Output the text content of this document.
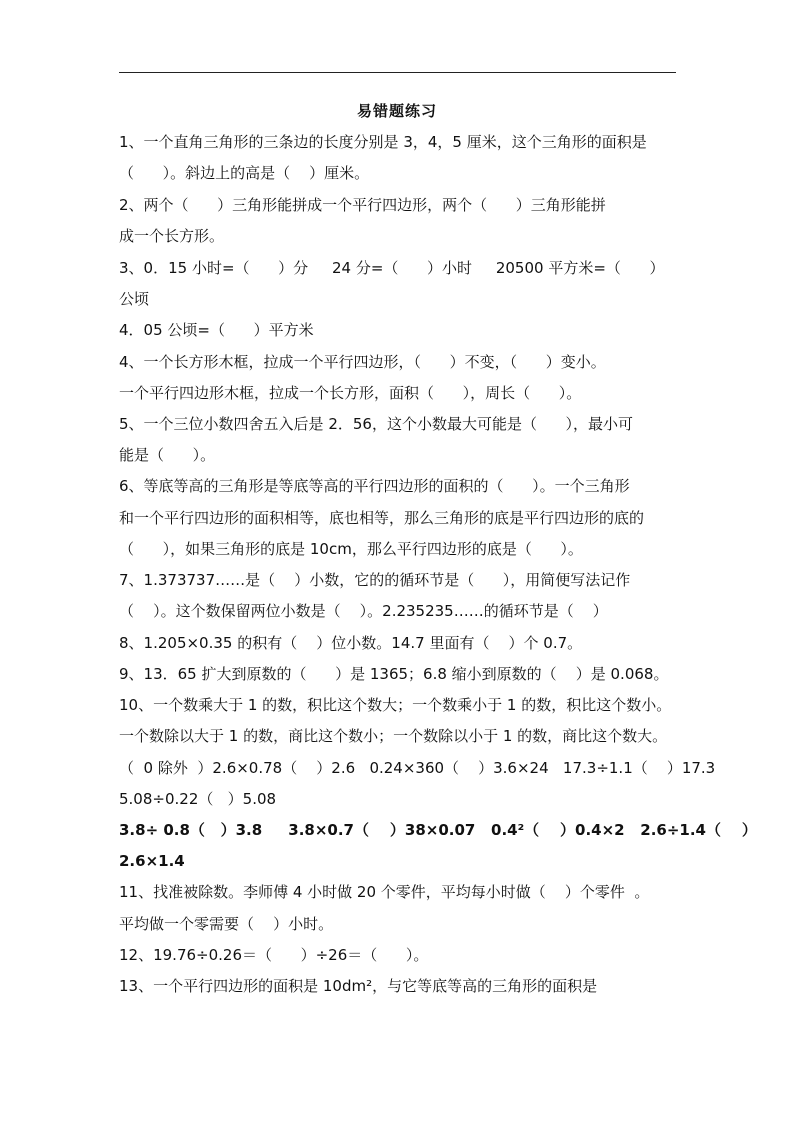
易错题练习
1、一个直角三角形的三条边的长度分别是 3，4，5 厘米，这个三角形的面积是
（      ）。斜边上的高是（    ）厘米。
2、两个（      ）三角形能拼成一个平行四边形，两个（      ）三角形能拼
成一个长方形。
3、0．15 小时=（      ）分     24 分=（      ）小时     20500 平方米=（      ）
公顷
4．05 公顷=（      ）平方米
4、一个长方形木框，拉成一个平行四边形，（      ）不变，（      ）变小。
一个平行四边形木框，拉成一个长方形，面积（      ），周长（      ）。
5、一个三位小数四舍五入后是 2．56，这个小数最大可能是（      ），最小可
能是（      ）。
6、等底等高的三角形是等底等高的平行四边形的面积的（      ）。一个三角形
和一个平行四边形的面积相等，底也相等，那么三角形的底是平行四边形的底的
（      ），如果三角形的底是 10cm，那么平行四边形的底是（      ）。
7、1.373737……是（    ）小数，它的的循环节是（      ），用简便写法记作
（    ）。这个数保留两位小数是（    ）。2.235235……的循环节是（    ）
8、1.205×0.35 的积有（    ）位小数。14.7 里面有（    ）个 0.7。
9、13．65 扩大到原数的（      ）是 1365；6.8 缩小到原数的（    ）是 0.068。
10、一个数乘大于 1 的数，积比这个数大；一个数乘小于 1 的数，积比这个数小。
一个数除以大于 1 的数，商比这个数小；一个数除以小于 1 的数，商比这个数大。
（  0 除外  ）2.6×0.78（    ）2.6   0.24×360（    ）3.6×24   17.3÷1.1（    ）17.3
5.08÷0.22（   ）5.08
3.8÷ 0.8（   ）3.8     3.8×0.7（    ）38×0.07   0.4²（    ）0.4×2   2.6÷1.4（    ）
2.6×1.4
11、找准被除数。李师傅 4 小时做 20 个零件，平均每小时做（    ）个零件  。
平均做一个零需要（    ）小时。
12、19.76÷0.26＝（      ）÷26＝（      ）。
13、一个平行四边形的面积是 10dm²，与它等底等高的三角形的面积是
